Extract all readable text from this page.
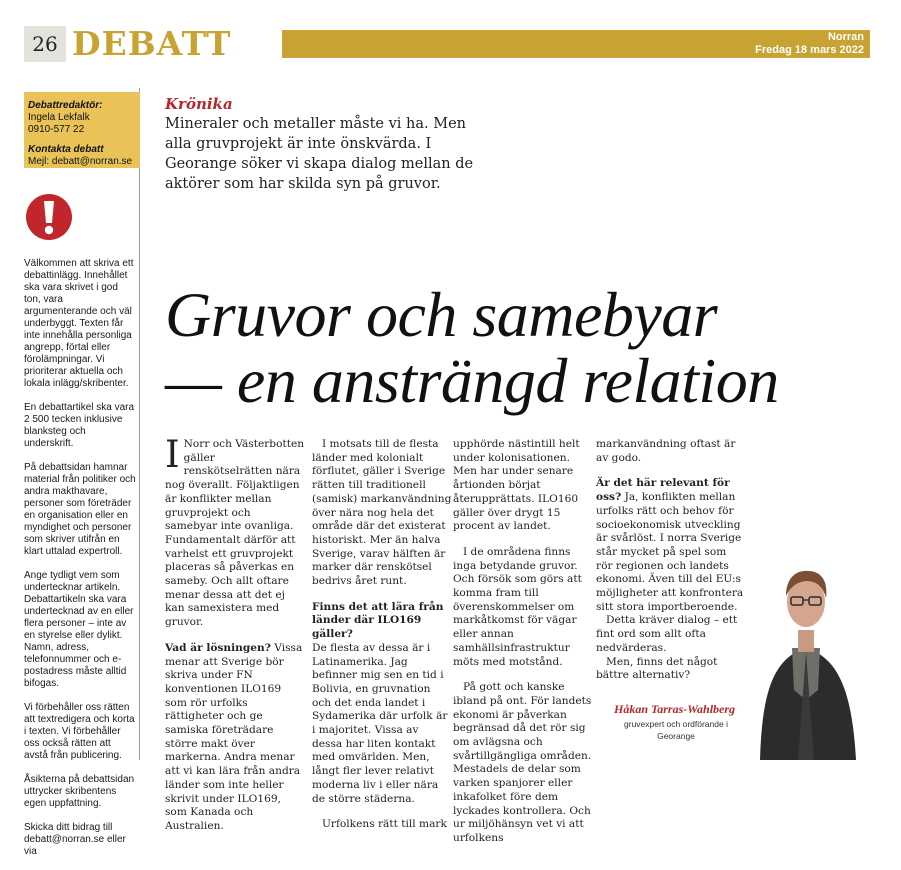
26 DEBATT	Norran
Fredag 18 mars 2022
Debattredaktör:
Ingela Lekfalk
0910-577 22
Kontakta debatt
Mejl: debatt@norran.se

Välkommen att skriva ett debattinlägg. Innehållet ska vara skrivet i god ton, vara argumenterande och väl underbyggt. Texten får inte innehålla personliga angrepp, förtal eller förolämpningar. Vi prioriterar aktuella och lokala inlägg/skribenter.

En debattartikel ska vara 2 500 tecken inklusive blanksteg och underskrift.

På debattsidan hamnar material från politiker och andra makthavare, personer som företräder en organisation eller en myndighet och personer som skriver utifrån en klart uttalad expertroll.

Ange tydligt vem som undertecknar artikeln. Debattartikeln ska vara undertecknad av en eller flera personer – inte av en styrelse eller dylikt. Namn, adress, telefonnummer och e-postadress måste alltid bifogas.

Vi förbehåller oss rätten att textredigera och korta i texten. Vi förbehåller oss också rätten att avstå från publicering.

Åsikterna på debattsidan uttrycker skribentens egen uppfattning.

Skicka ditt bidrag till debatt@norran.se eller via

Krönika
Mineraler och metaller måste vi ha. Men alla gruvprojekt är inte önskvärda. I Georange söker vi skapa dialog mellan de aktörer som har skilda syn på gruvor.
Gruvor och samebyar
— en ansträngd relation

I Norr och Västerbotten gäller renskötselrätten nära nog överallt. Följaktligen är konflikter mellan gruvprojekt och samebyar inte ovanliga. Fundamentalt därför att varhelst ett gruvprojekt placeras så påverkas en sameby. Och allt oftare menar dessa att det ej kan samexistera med gruvor.

Vad är lösningen? Vissa menar att Sverige bör skriva under FN konventionen ILO169 som rör urfolks rättigheter och ge samiska företrädare större makt över markerna. Andra menar att vi kan lära från andra länder som inte heller skrivit under ILO169, som Kanada och Australien.

I motsats till de flesta länder med kolonialt förflutet, gäller i Sverige rätten till traditionell (samisk) markanvändning över nära nog hela det område där det existerat historiskt. Mer än halva Sverige, varav hälften är marker där renskötsel bedrivs året runt.

Finns det att lära från länder där ILO169 gäller?

De flesta av dessa är i Latinamerika. Jag befinner mig sen en tid i Bolivia, en gruvnation och det enda landet i Sydamerika där urfolk är i majoritet. Vissa av dessa har liten kontakt med omvärlden. Men, långt fler lever relativt moderna liv i eller nära de större städerna.

Urfolkens rätt till mark

upphörde nästintill helt under kolonisationen. Men har under senare årtionden börjat återupprättats. ILO160 gäller över drygt 15 procent av landet.

I de områdena finns inga betydande gruvor. Och försök som görs att komma fram till överenskommelser om markåtkomst för vägar eller annan samhällsinfrastruktur möts med motstånd.

På gott och kanske ibland på ont. För landets ekonomi är påverkan begränsad då det rör sig om avlägsna och svårtillgängliga områden. Mestadels de delar som varken spanjorer eller inkafolket före dem lyckades kontrollera. Och ur miljöhänsyn vet vi att urfolkens

markanvändning oftast är av godo.

Är det här relevant för oss? Ja, konflikten mellan urfolks rätt och behov för socioekonomisk utveckling är svårlöst. I norra Sverige står mycket på spel som rör regionen och landets ekonomi. Även till del EU:s möjligheter att konfrontera sitt stora importberoende.

Detta kräver dialog – ett fint ord som allt ofta nedvärderas.

Men, finns det något bättre alternativ?

Håkan Tarras-Wahlberg
gruvexpert och ordförande i Georange
